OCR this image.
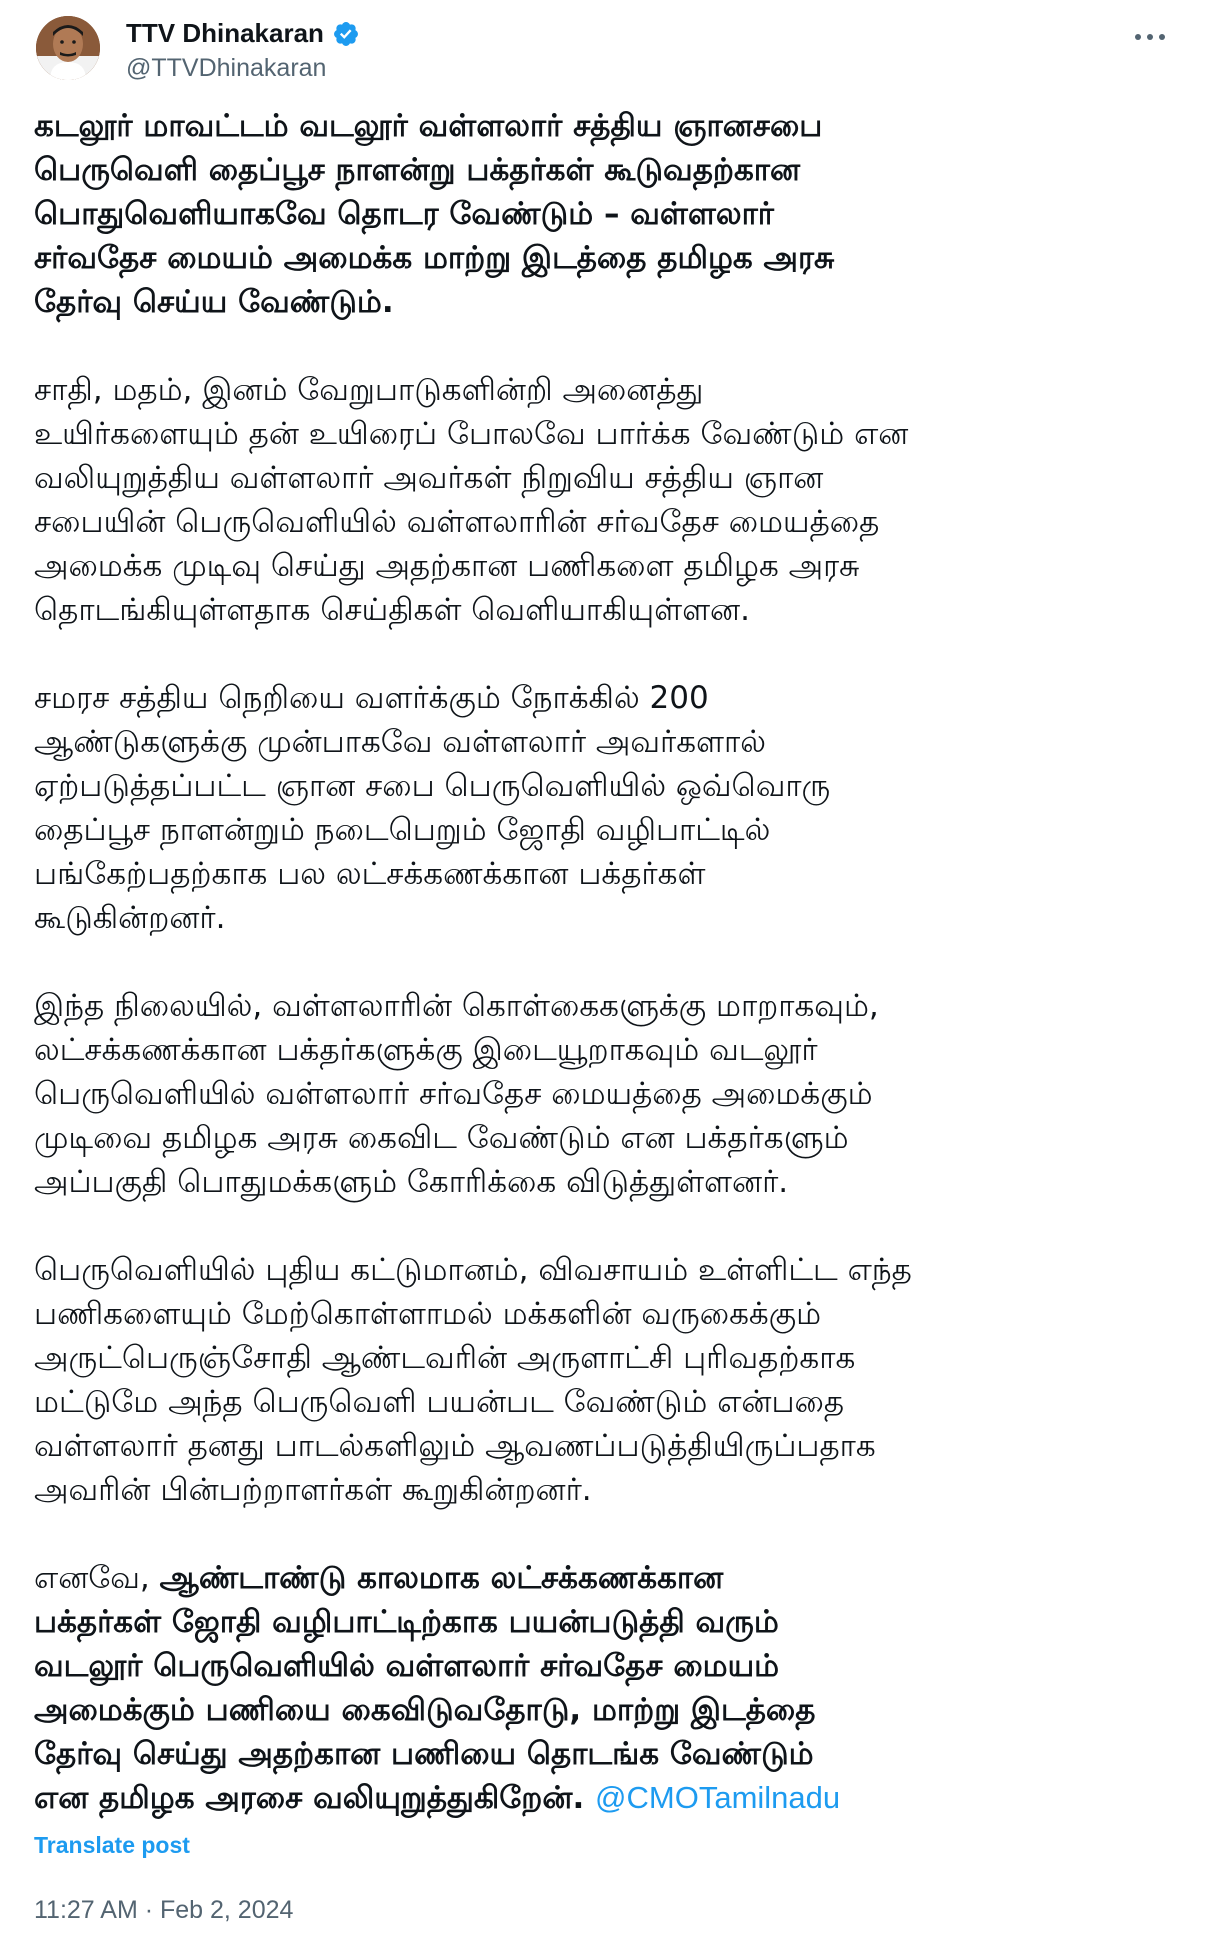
TTV Dhinakaran
@TTVDhinakaran

கடலூர் மாவட்டம் வடலூர் வள்ளலார் சத்திய ஞானசபை
பெருவெளி தைப்பூச நாளன்று பக்தர்கள் கூடுவதற்கான
பொதுவெளியாகவே தொடர வேண்டும் – வள்ளலார்
சர்வதேச மையம் அமைக்க மாற்று இடத்தை தமிழக அரசு
தேர்வு செய்ய வேண்டும்.

சாதி, மதம், இனம் வேறுபாடுகளின்றி அனைத்து
உயிர்களையும் தன் உயிரைப் போலவே பார்க்க வேண்டும் என
வலியுறுத்திய வள்ளலார் அவர்கள் நிறுவிய சத்திய ஞான
சபையின் பெருவெளியில் வள்ளலாரின் சர்வதேச மையத்தை
அமைக்க முடிவு செய்து அதற்கான பணிகளை தமிழக அரசு
தொடங்கியுள்ளதாக செய்திகள் வெளியாகியுள்ளன.

சமரச சத்திய நெறியை வளர்க்கும் நோக்கில் 200
ஆண்டுகளுக்கு முன்பாகவே வள்ளலார் அவர்களால்
ஏற்படுத்தப்பட்ட ஞான சபை பெருவெளியில் ஒவ்வொரு
தைப்பூச நாளன்றும் நடைபெறும் ஜோதி வழிபாட்டில்
பங்கேற்பதற்காக பல லட்சக்கணக்கான பக்தர்கள்
கூடுகின்றனர்.

இந்த நிலையில், வள்ளலாரின் கொள்கைகளுக்கு மாறாகவும்,
லட்சக்கணக்கான பக்தர்களுக்கு இடையூறாகவும் வடலூர்
பெருவெளியில் வள்ளலார் சர்வதேச மையத்தை அமைக்கும்
முடிவை தமிழக அரசு கைவிட வேண்டும் என பக்தர்களும்
அப்பகுதி பொதுமக்களும் கோரிக்கை விடுத்துள்ளனர்.

பெருவெளியில் புதிய கட்டுமானம், விவசாயம் உள்ளிட்ட எந்த
பணிகளையும் மேற்கொள்ளாமல் மக்களின் வருகைக்கும்
அருட்பெருஞ்சோதி ஆண்டவரின் அருளாட்சி புரிவதற்காக
மட்டுமே அந்த பெருவெளி பயன்பட வேண்டும் என்பதை
வள்ளலார் தனது பாடல்களிலும் ஆவணப்படுத்தியிருப்பதாக
அவரின் பின்பற்றாளர்கள் கூறுகின்றனர்.

எனவே, ஆண்டாண்டு காலமாக லட்சக்கணக்கான
பக்தர்கள் ஜோதி வழிபாட்டிற்காக பயன்படுத்தி வரும்
வடலூர் பெருவெளியில் வள்ளலார் சர்வதேச மையம்
அமைக்கும் பணியை கைவிடுவதோடு, மாற்று இடத்தை
தேர்வு செய்து அதற்கான பணியை தொடங்க வேண்டும்
என தமிழக அரசை வலியுறுத்துகிறேன். @CMOTamilnadu

Translate post
11:27 AM · Feb 2, 2024
